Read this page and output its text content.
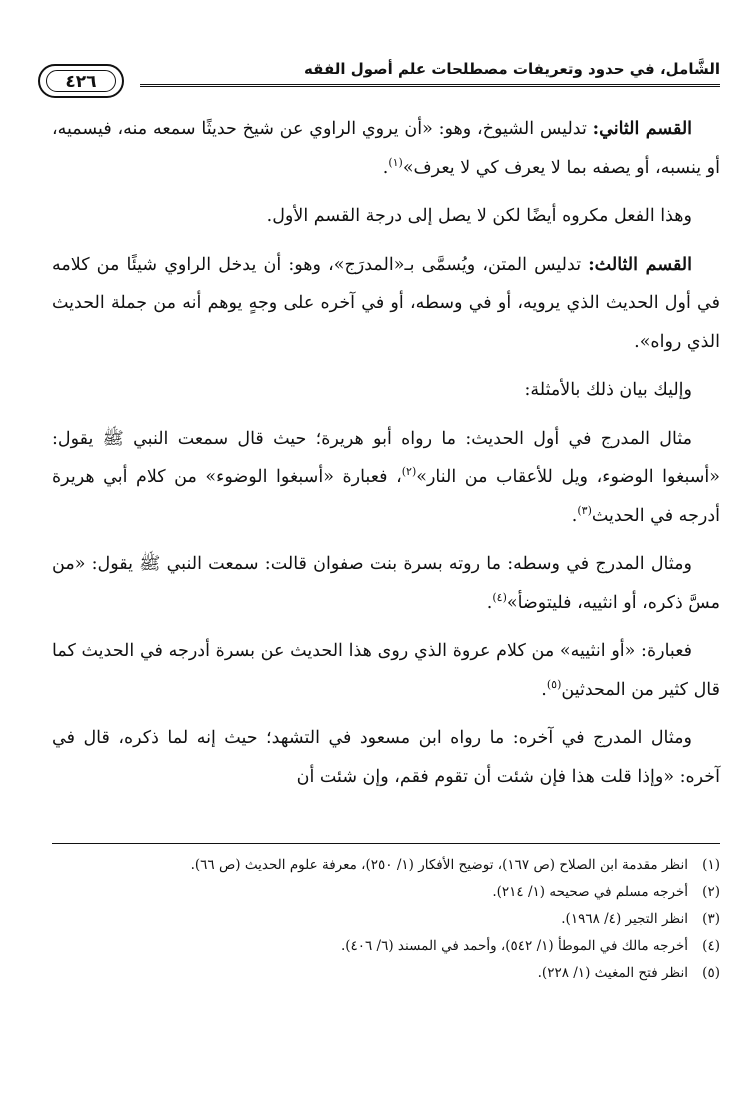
الشَّامل، في حدود وتعريفات مصطلحات علم أصول الفقه
٤٢٦

القسم الثاني: تدليس الشيوخ، وهو: «أن يروي الراوي عن شيخ حديثًا سمعه منه، فيسميه، أو ينسبه، أو يصفه بما لا يعرف كي لا يعرف»$^{(١)}$.

وهذا الفعل مكروه أيضًا لكن لا يصل إلى درجة القسم الأول.

القسم الثالث: تدليس المتن، ويُسمَّى بـ«المدرَج»، وهو: أن يدخل الراوي شيئًا من كلامه في أول الحديث الذي يرويه، أو في وسطه، أو في آخره على وجهٍ يوهم أنه من جملة الحديث الذي رواه».

وإليك بيان ذلك بالأمثلة:

مثال المدرج في أول الحديث: ما رواه أبو هريرة؛ حيث قال سمعت النبي ﷺ يقول: «أسبغوا الوضوء، ويل للأعقاب من النار»$^{(٢)}$، فعبارة «أسبغوا الوضوء» من كلام أبي هريرة أدرجه في الحديث$^{(٣)}$.

ومثال المدرج في وسطه: ما روته بسرة بنت صفوان قالت: سمعت النبي ﷺ يقول: «من مسَّ ذكره، أو انثييه، فليتوضأ»$^{(٤)}$.

فعبارة: «أو انثييه» من كلام عروة الذي روى هذا الحديث عن بسرة أدرجه في الحديث كما قال كثير من المحدثين$^{(٥)}$.

ومثال المدرج في آخره: ما رواه ابن مسعود في التشهد؛ حيث إنه لما ذكره، قال في آخره: «وإذا قلت هذا فإن شئت أن تقوم فقم، وإن شئت أن

(١)
انظر مقدمة ابن الصلاح (ص ١٦٧)، توضيح الأفكار (١/ ٢٥٠)، معرفة علوم الحديث (ص ٦٦).
(٢)
أخرجه مسلم في صحيحه (١/ ٢١٤).
(٣)
انظر التجير (٤/ ١٩٦٨).
(٤)
أخرجه مالك في الموطأ (١/ ٥٤٢)، وأحمد في المسند (٦/ ٤٠٦).
(٥)
انظر فتح المغيث (١/ ٢٢٨).
